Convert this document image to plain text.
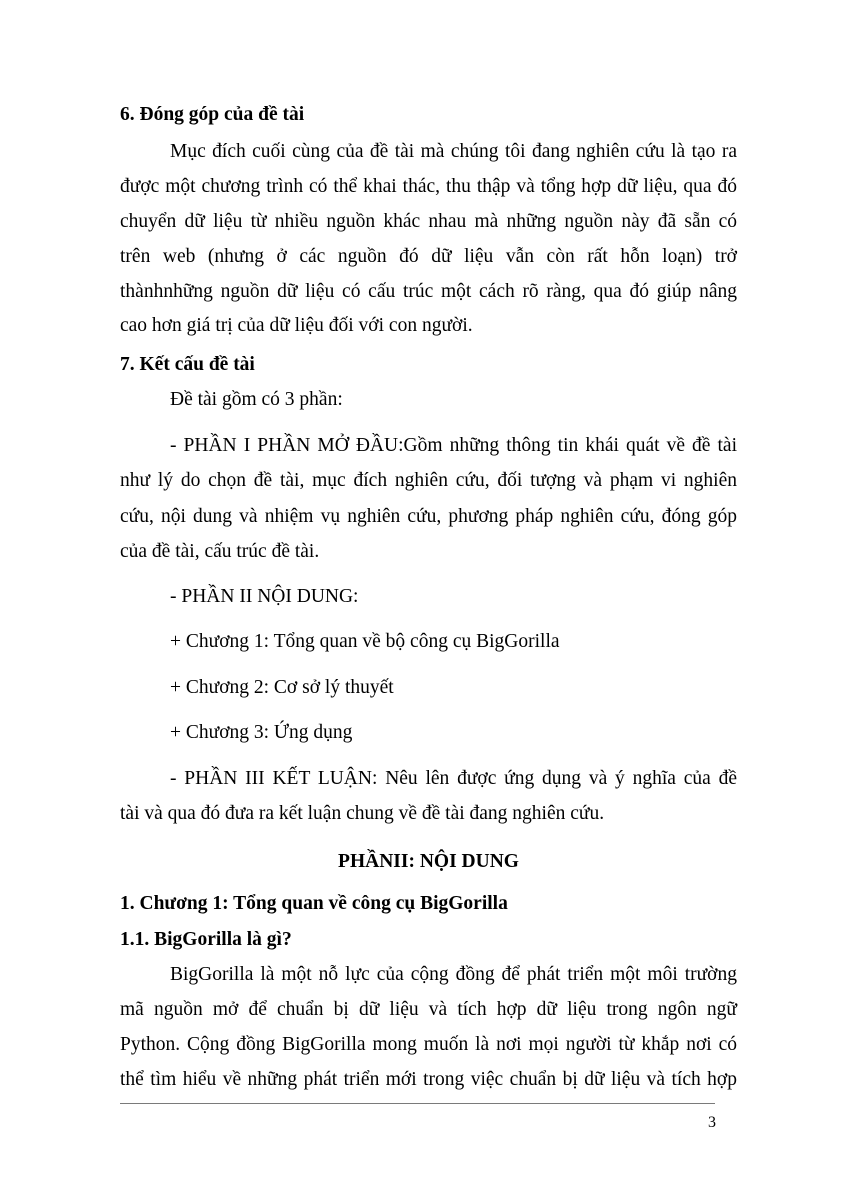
6. Đóng góp của đề tài
Mục đích cuối cùng của đề tài mà chúng tôi đang nghiên cứu là tạo ra
được một chương trình có thể khai thác, thu thập và tổng hợp dữ liệu, qua đó
chuyển dữ liệu từ nhiều nguồn khác nhau mà những nguồn này đã sẵn có
trên web (nhưng ở các nguồn đó dữ liệu vẫn còn rất hỗn loạn) trở
thànhnhững nguồn dữ liệu có cấu trúc một cách rõ ràng, qua đó giúp nâng
cao hơn giá trị của dữ liệu đối với con người.
7. Kết cấu đề tài
Đề tài gồm có 3 phần:
- PHẦN I PHẦN MỞ ĐẦU:Gồm những thông tin khái quát về đề tài
như lý do chọn đề tài, mục đích nghiên cứu, đối tượng và phạm vi nghiên
cứu, nội dung và nhiệm vụ nghiên cứu, phương pháp nghiên cứu, đóng góp
của đề tài, cấu trúc đề tài.
- PHẦN II NỘI DUNG:
+ Chương 1: Tổng quan về bộ công cụ BigGorilla
+ Chương 2: Cơ sở lý thuyết
+ Chương 3: Ứng dụng
- PHẦN III KẾT LUẬN: Nêu lên được ứng dụng và ý nghĩa của đề
tài và qua đó đưa ra kết luận chung về đề tài đang nghiên cứu.
PHẦNII: NỘI DUNG
1. Chương 1: Tổng quan về công cụ BigGorilla
1.1. BigGorilla là gì?
BigGorilla là một nỗ lực của cộng đồng để phát triển một môi trường
mã nguồn mở để chuẩn bị dữ liệu và tích hợp dữ liệu trong ngôn ngữ
Python. Cộng đồng BigGorilla mong muốn là nơi mọi người từ khắp nơi có
thể tìm hiểu về những phát triển mới trong việc chuẩn bị dữ liệu và tích hợp
3
